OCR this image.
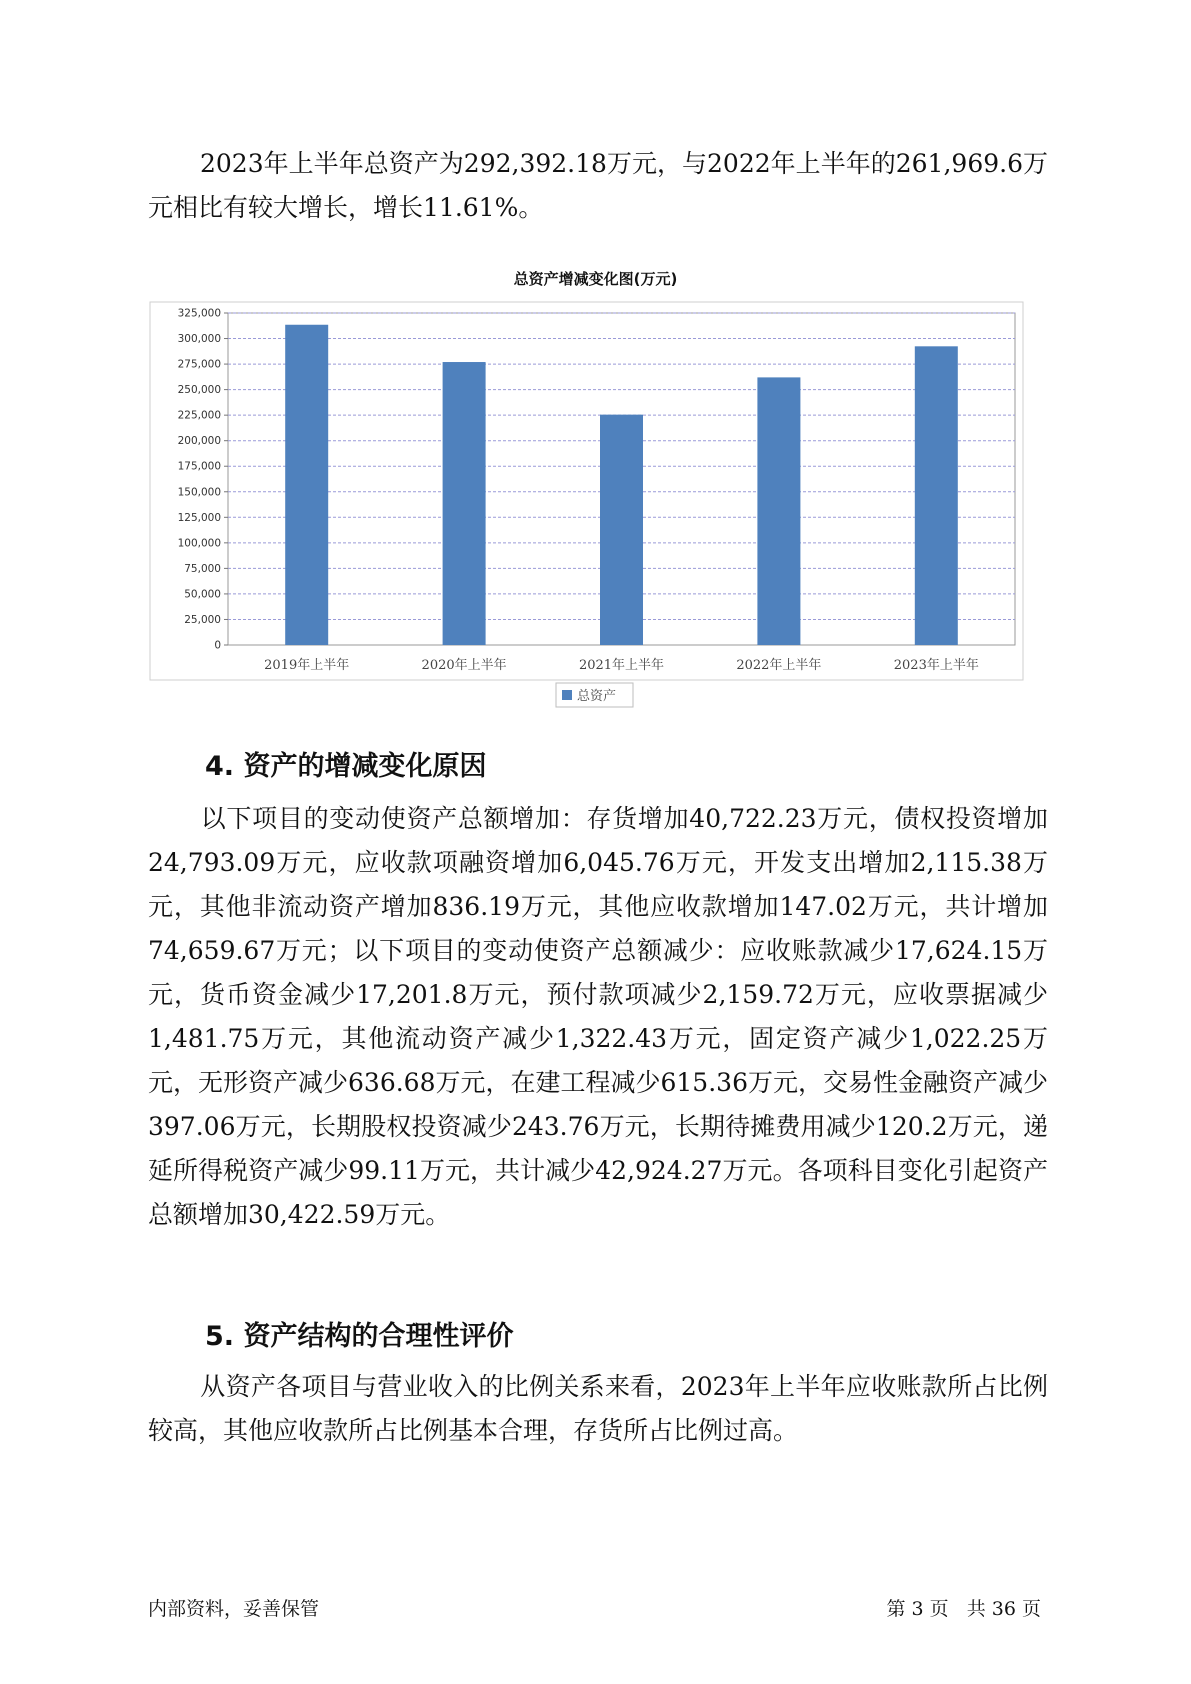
2023年上半年总资产为292,392.18万元，与2022年上半年的261,969.6万元相比有较大增长，增长11.61%。

总资产增减变化图(万元)
0
25,000
50,000
75,000
100,000
125,000
150,000
175,000
200,000
225,000
250,000
275,000
300,000
325,000
2019年上半年	2020年上半年	2021年上半年	2022年上半年	2023年上半年
总资产
4. 资产的增减变化原因

以下项目的变动使资产总额增加：存货增加40,722.23万元，债权投资增加24,793.09万元，应收款项融资增加6,045.76万元，开发支出增加2,115.38万元，其他非流动资产增加836.19万元，其他应收款增加147.02万元，共计增加74,659.67万元；以下项目的变动使资产总额减少：应收账款减少17,624.15万元，货币资金减少17,201.8万元，预付款项减少2,159.72万元，应收票据减少1,481.75万元，其他流动资产减少1,322.43万元，固定资产减少1,022.25万元，无形资产减少636.68万元，在建工程减少615.36万元，交易性金融资产减少397.06万元，长期股权投资减少243.76万元，长期待摊费用减少120.2万元，递延所得税资产减少99.11万元，共计减少42,924.27万元。各项科目变化引起资产总额增加30,422.59万元。

5. 资产结构的合理性评价

从资产各项目与营业收入的比例关系来看，2023年上半年应收账款所占比例较高，其他应收款所占比例基本合理，存货所占比例过高。

内部资料，妥善保管	第 3 页   共 36 页
